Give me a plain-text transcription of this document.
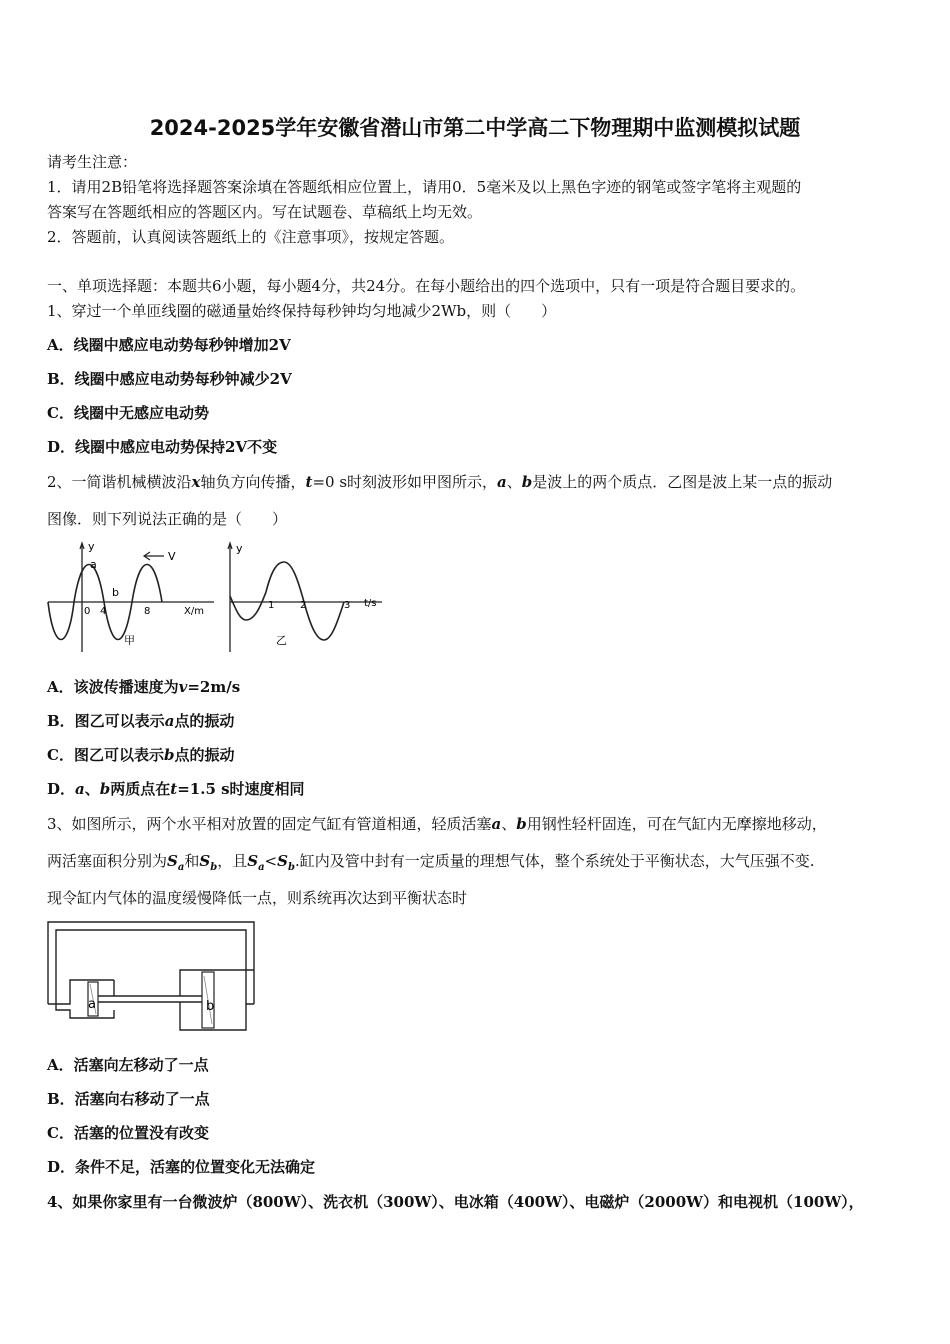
2024-2025学年安徽省潜山市第二中学高二下物理期中监测模拟试题
请考生注意：
1．请用2B铅笔将选择题答案涂填在答题纸相应位置上，请用0．5毫米及以上黑色字迹的钢笔或签字笔将主观题的
答案写在答题纸相应的答题区内。写在试题卷、草稿纸上均无效。
2．答题前，认真阅读答题纸上的《注意事项》，按规定答题。
一、单项选择题：本题共6小题，每小题4分，共24分。在每小题给出的四个选项中，只有一项是符合题目要求的。
1、穿过一个单匝线圈的磁通量始终保持每秒钟均匀地减少2Wb，则（　　）
A．线圈中感应电动势每秒钟增加2V
B．线圈中感应电动势每秒钟减少2V
C．线圈中无感应电动势
D．线圈中感应电动势保持2V不变
2、一简谐机械横波沿x轴负方向传播，t=0 s时刻波形如甲图所示，a、b是波上的两个质点．乙图是波上某一点的振动
图像．则下列说法正确的是（　　）
y
V
a
b
0 4	8	X/m
甲
y
1	2	3 t/s
乙
A．该波传播速度为v=2m/s
B．图乙可以表示a点的振动
C．图乙可以表示b点的振动
D．a、b两质点在t=1.5 s时速度相同
3、如图所示，两个水平相对放置的固定气缸有管道相通，轻质活塞a、b用钢性轻杆固连，可在气缸内无摩擦地移动，
两活塞面积分别为$S_a$和$S_b$，且$S_a<S_b$.缸内及管中封有一定质量的理想气体，整个系统处于平衡状态，大气压强不变.
现令缸内气体的温度缓慢降低一点，则系统再次达到平衡状态时
a	b
A．活塞向左移动了一点
B．活塞向右移动了一点
C．活塞的位置没有改变
D．条件不足，活塞的位置变化无法确定
4、如果你家里有一台微波炉（800W）、洗衣机（300W）、电冰箱（400W）、电磁炉（2000W）和电视机（100W），
